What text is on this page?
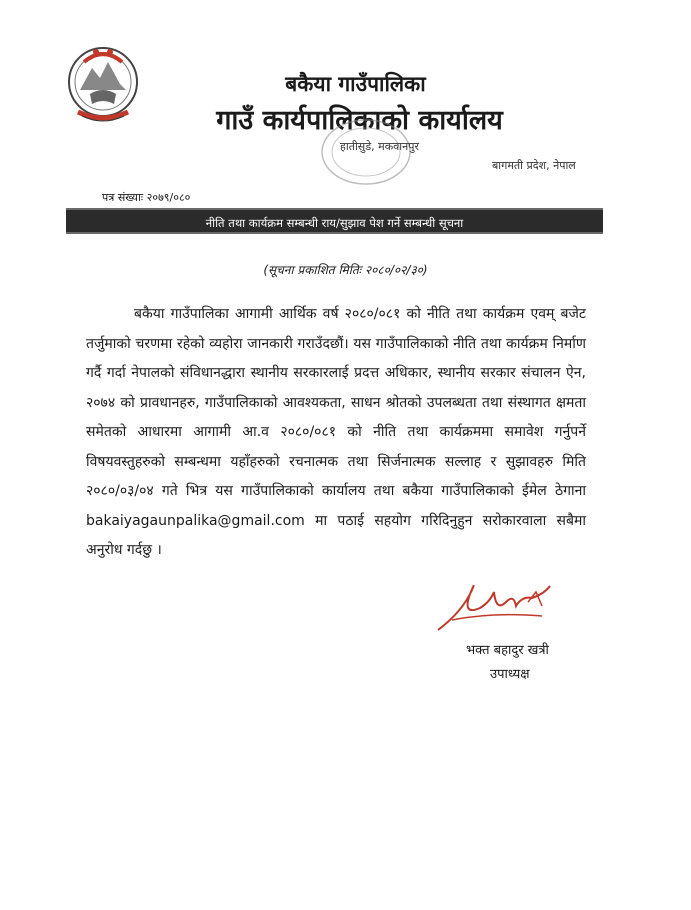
बकैया गाउँपालिका
गाउँ कार्यपालिकाको कार्यालय
हातीसुडे, मकवानपुर
बागमती प्रदेश, नेपाल
पत्र संख्याः २०७९/०८०
नीति तथा कार्यक्रम सम्बन्धी राय/सुझाव पेश गर्ने सम्बन्धी सूचना
(सूचना प्रकाशित मितिः २०८०/०२/३०)
बकैया गाउँपालिका आगामी आर्थिक वर्ष २०८०/०८१ को नीति तथा कार्यक्रम एवम् बजेट तर्जुमाको चरणमा रहेको व्यहोरा जानकारी गराउँदछौं। यस गाउँपालिकाको नीति तथा कार्यक्रम निर्माण गर्दै गर्दा नेपालको संविधानद्धारा स्थानीय सरकारलाई प्रदत्त अधिकार, स्थानीय सरकार संचालन ऐन, २०७४ को प्रावधानहरु, गाउँपालिकाको आवश्यकता, साधन श्रोतको उपलब्धता तथा संस्थागत क्षमता समेतको आधारमा आगामी आ.व २०८०/०८१ को नीति तथा कार्यक्रममा समावेश गर्नुपर्ने विषयवस्तुहरुको सम्बन्धमा यहाँहरुको रचनात्मक तथा सिर्जनात्मक सल्लाह र सुझावहरु मिति २०८०/०३/०४ गते भित्र यस गाउँपालिकाको कार्यालय तथा बकैया गाउँपालिकाको ईमेल ठेगाना bakaiyagaunpalika@gmail.com मा पठाई सहयोग गरिदिनुहुन सरोकारवाला सबैमा अनुरोध गर्दछु ।
भक्त बहादुर खत्री
उपाध्यक्ष
